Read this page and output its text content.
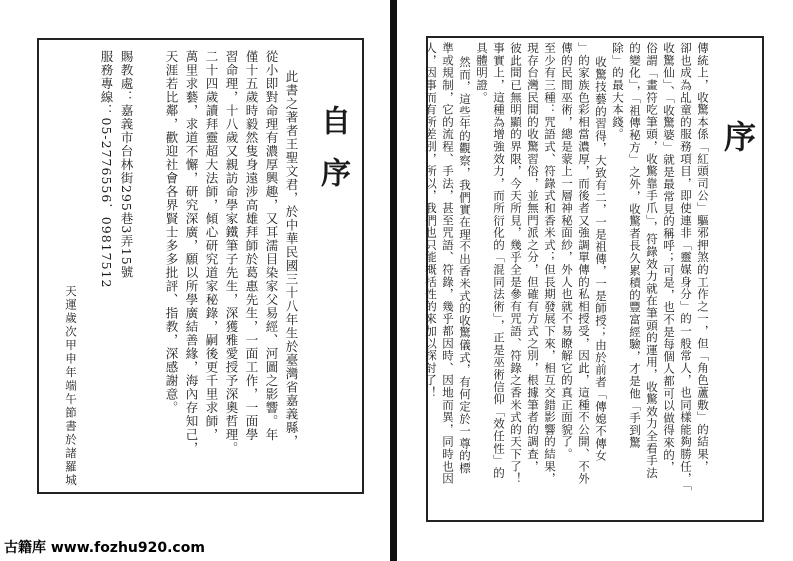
自序
此書之著者王聖文君，於中華民國三十八年生於臺灣省嘉義縣，
從小即對命理有濃厚興趣，又耳濡目染家父易經、河圖之影響。年
僅十五歲時毅然隻身遠涉高雄拜師於葛惠先生，一面工作，一面學
習命理，十八歲又親訪命學家鐵筆子先生，深獲雅愛授予深奧哲理。
二十四歲讀拜靈超大法師，傾心研究道家秘錄，嗣後更千里求師，
萬里求藝，求道不懈，研究深廣，願以所學廣結善緣，海內存知己，
天涯若比鄰，歡迎社會各界賢士多多批評、指教，深感謝意。
賜教處：嘉義市台林街295巷3弄15號
服務專線：05-2776556．09817512
天運歲次甲申年端午節書於諸羅城
序
傳統上，收驚本係「紅頭司公」驅邪押煞的工作之一，但「角色蘆敷」的結果，
卻也成為乩童的服務項目，即使連非「靈媒身分」的一般常人，也同樣能夠勝任，「
收驚仙」、「收驚婆」就是最常見的稱呼；可是，也不是每個人都可以做得來的，
俗謂「畫符吃筆頭，收驚靠手爪」，符錄效力就在筆頭的運用，收驚效力全看手法
的變化」，「祖傳秘方」之外，收驚者長久累積的豐富經驗，才是他「手到驚
除」的最大本錢。
收驚技藝的習得，大致有二，一是祖傳，一是師授；由於前者「傳媳不傳女
」的家族色彩相當濃厚，而後者又強調單傳的私相授受，因此，這種不公開、不外
傳的民間巫術，總是蒙上一層神秘面紗，外人也就不易瞭解它的真正面貌了。
至少有三種：咒語式、符錄式和香米式；但長期發展下來，相互交錯影響的結果，
現存台灣民間的收驚習俗，並無門派之分，但確有方式之別，根據筆者的調查，
彼此間已無明顯的界限，今天所見，幾乎全是參有咒語、符錄之香米式的天下了！
事實上，這種為增強效力，而所衍化的「混同法術」，正是巫術信仰「效任性」的
具體明證。
然而，這些年的觀察，我們實在理不出香米式的收驚儀式，有何定於一尊的標
準或規制，它的流程、手法，甚至咒語、符錄，幾乎都因時、因地而異，同時也因
人，因事而有所差別，所以，我們也只能概括性的來加以探討了！
古籍库 www.fozhu920.com
